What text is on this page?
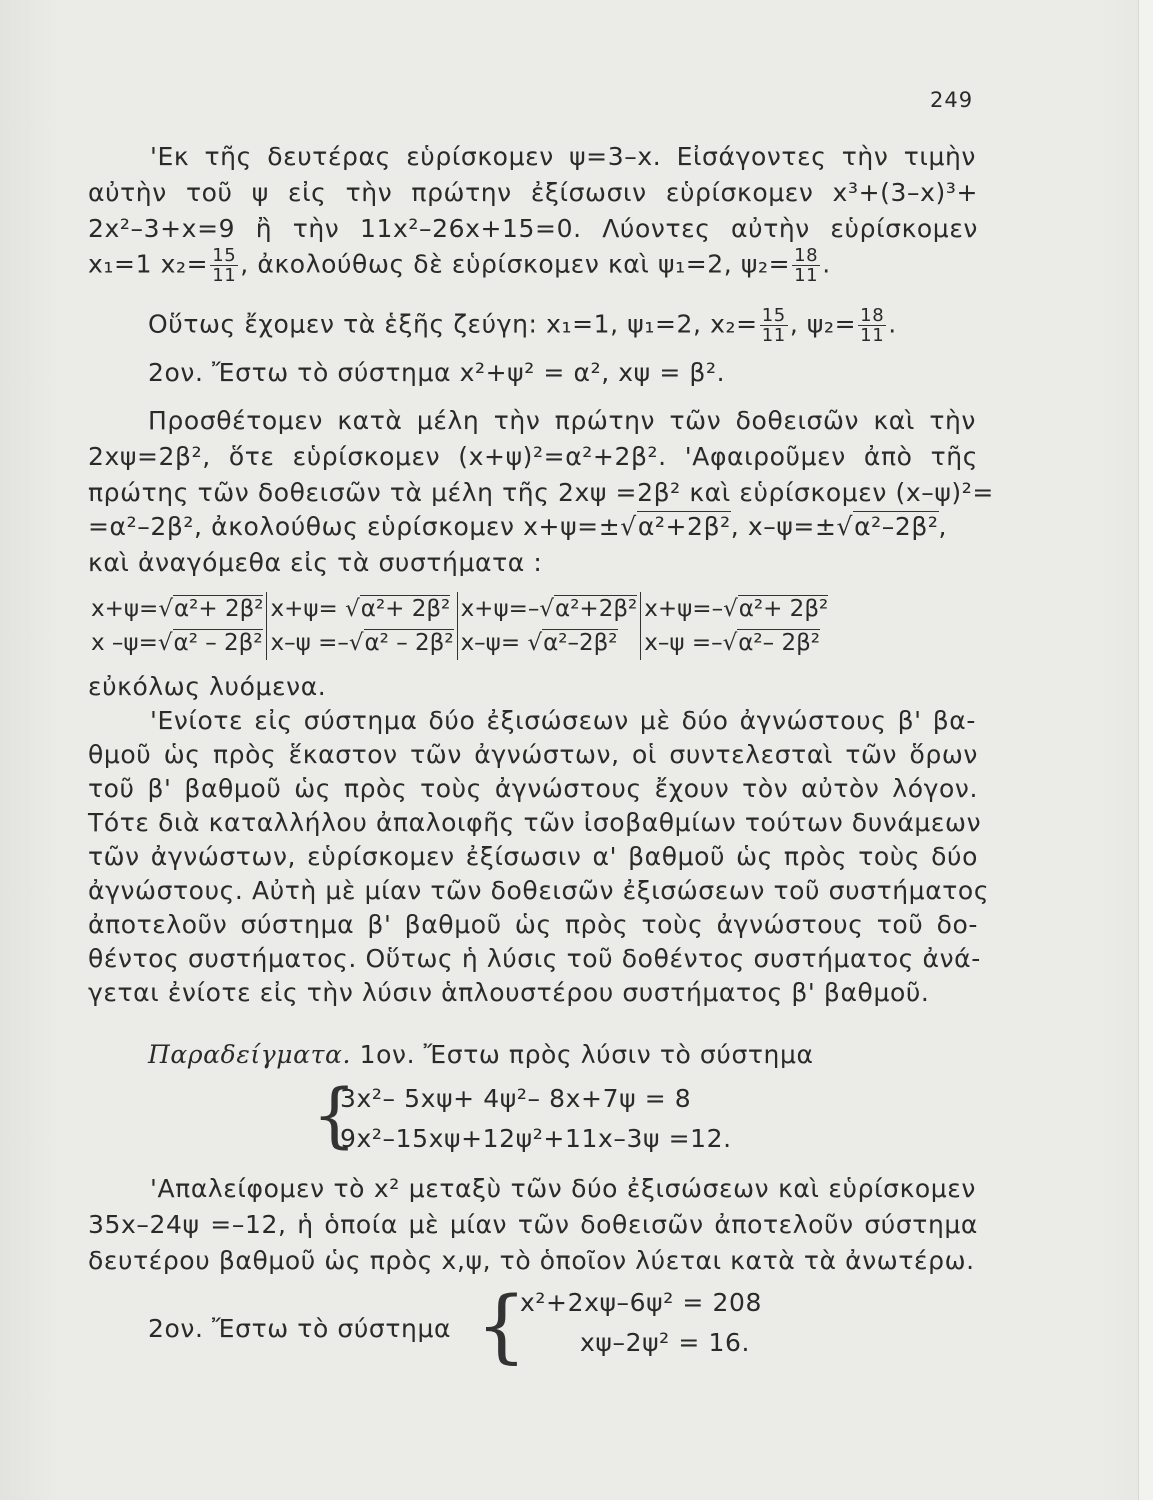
249
'Εκ τῆς δευτέρας εὑρίσκομεν ψ=3–x. Εἰσάγοντες τὴν τιμὴν
αὐτὴν τοῦ ψ εἰς τὴν πρώτην ἐξίσωσιν εὑρίσκομεν x³+(3–x)³+
2x²–3+x=9 ἢ τὴν 11x²–26x+15=0. Λύοντες αὐτὴν εὑρίσκομεν
x₁=1 $x_2= \frac{15}{11}$ , ἀκολούθως δὲ εὑρίσκομεν καὶ ψ₁=2, $\psi_2= \frac{18}{11}$ .
Οὕτως ἔχομεν τὰ ἑξῆς ζεύγη: x₁=1, ψ₁=2, $x_2= \frac{15}{11}$ , $\psi_2= \frac{18}{11}$ .
2ον. Ἔστω τὸ σύστημα x²+ψ² = α², xψ = β².
Προσθέτομεν κατὰ μέλη τὴν πρώτην τῶν δοθεισῶν καὶ τὴν
2xψ=2β², ὅτε εὑρίσκομεν (x+ψ)²=α²+2β². 'Αφαιροῦμεν ἀπὸ τῆς
πρώτης τῶν δοθεισῶν τὰ μέλη τῆς 2xψ =2β² καὶ εὑρίσκομεν (x–ψ)²=
=α²–2β², ἀκολούθως εὑρίσκομεν x+ψ=±√α²+2β², x–ψ=±√α²–2β²,
καὶ ἀναγόμεθα εἰς τὰ συστήματα :
x+ψ=√α²+ 2β²	x+ψ= √α²+ 2β²	x+ψ=–√α²+2β²	x+ψ=–√α²+ 2β²
x –ψ=√α² – 2β²	x–ψ =–√α² – 2β²	x–ψ= √α²–2β²	x–ψ =–√α²– 2β²
εὐκόλως λυόμενα.
'Ενίοτε εἰς σύστημα δύο ἐξισώσεων μὲ δύο ἀγνώστους β' βα-
θμοῦ ὡς πρὸς ἕκαστον τῶν ἀγνώστων, οἱ συντελεσταὶ τῶν ὅρων
τοῦ β' βαθμοῦ ὡς πρὸς τοὺς ἀγνώστους ἔχουν τὸν αὐτὸν λόγον.
Τότε διὰ καταλλήλου ἀπαλοιφῆς τῶν ἰσοβαθμίων τούτων δυνάμεων
τῶν ἀγνώστων, εὑρίσκομεν ἐξίσωσιν α' βαθμοῦ ὡς πρὸς τοὺς δύο
ἀγνώστους. Αὐτὴ μὲ μίαν τῶν δοθεισῶν ἐξισώσεων τοῦ συστήματος
ἀποτελοῦν σύστημα β' βαθμοῦ ὡς πρὸς τοὺς ἀγνώστους τοῦ δο-
θέντος συστήματος. Οὕτως ἡ λύσις τοῦ δοθέντος συστήματος ἀνά-
γεται ἐνίοτε εἰς τὴν λύσιν ἁπλουστέρου συστήματος β' βαθμοῦ.
Παραδείγματα. 1ον. Ἔστω πρὸς λύσιν τὸ σύστημα
{
3x²– 5xψ+ 4ψ²– 8x+7ψ = 8
9x²–15xψ+12ψ²+11x–3ψ =12.
'Απαλείφομεν τὸ x² μεταξὺ τῶν δύο ἐξισώσεων καὶ εὑρίσκομεν
35x–24ψ =–12, ἡ ὁποία μὲ μίαν τῶν δοθεισῶν ἀποτελοῦν σύστημα
δευτέρου βαθμοῦ ὡς πρὸς x,ψ, τὸ ὁποῖον λύεται κατὰ τὰ ἀνωτέρω.
2ον. Ἔστω τὸ σύστημα {
x²+2xψ–6ψ² = 208
xψ–2ψ² = 16.
